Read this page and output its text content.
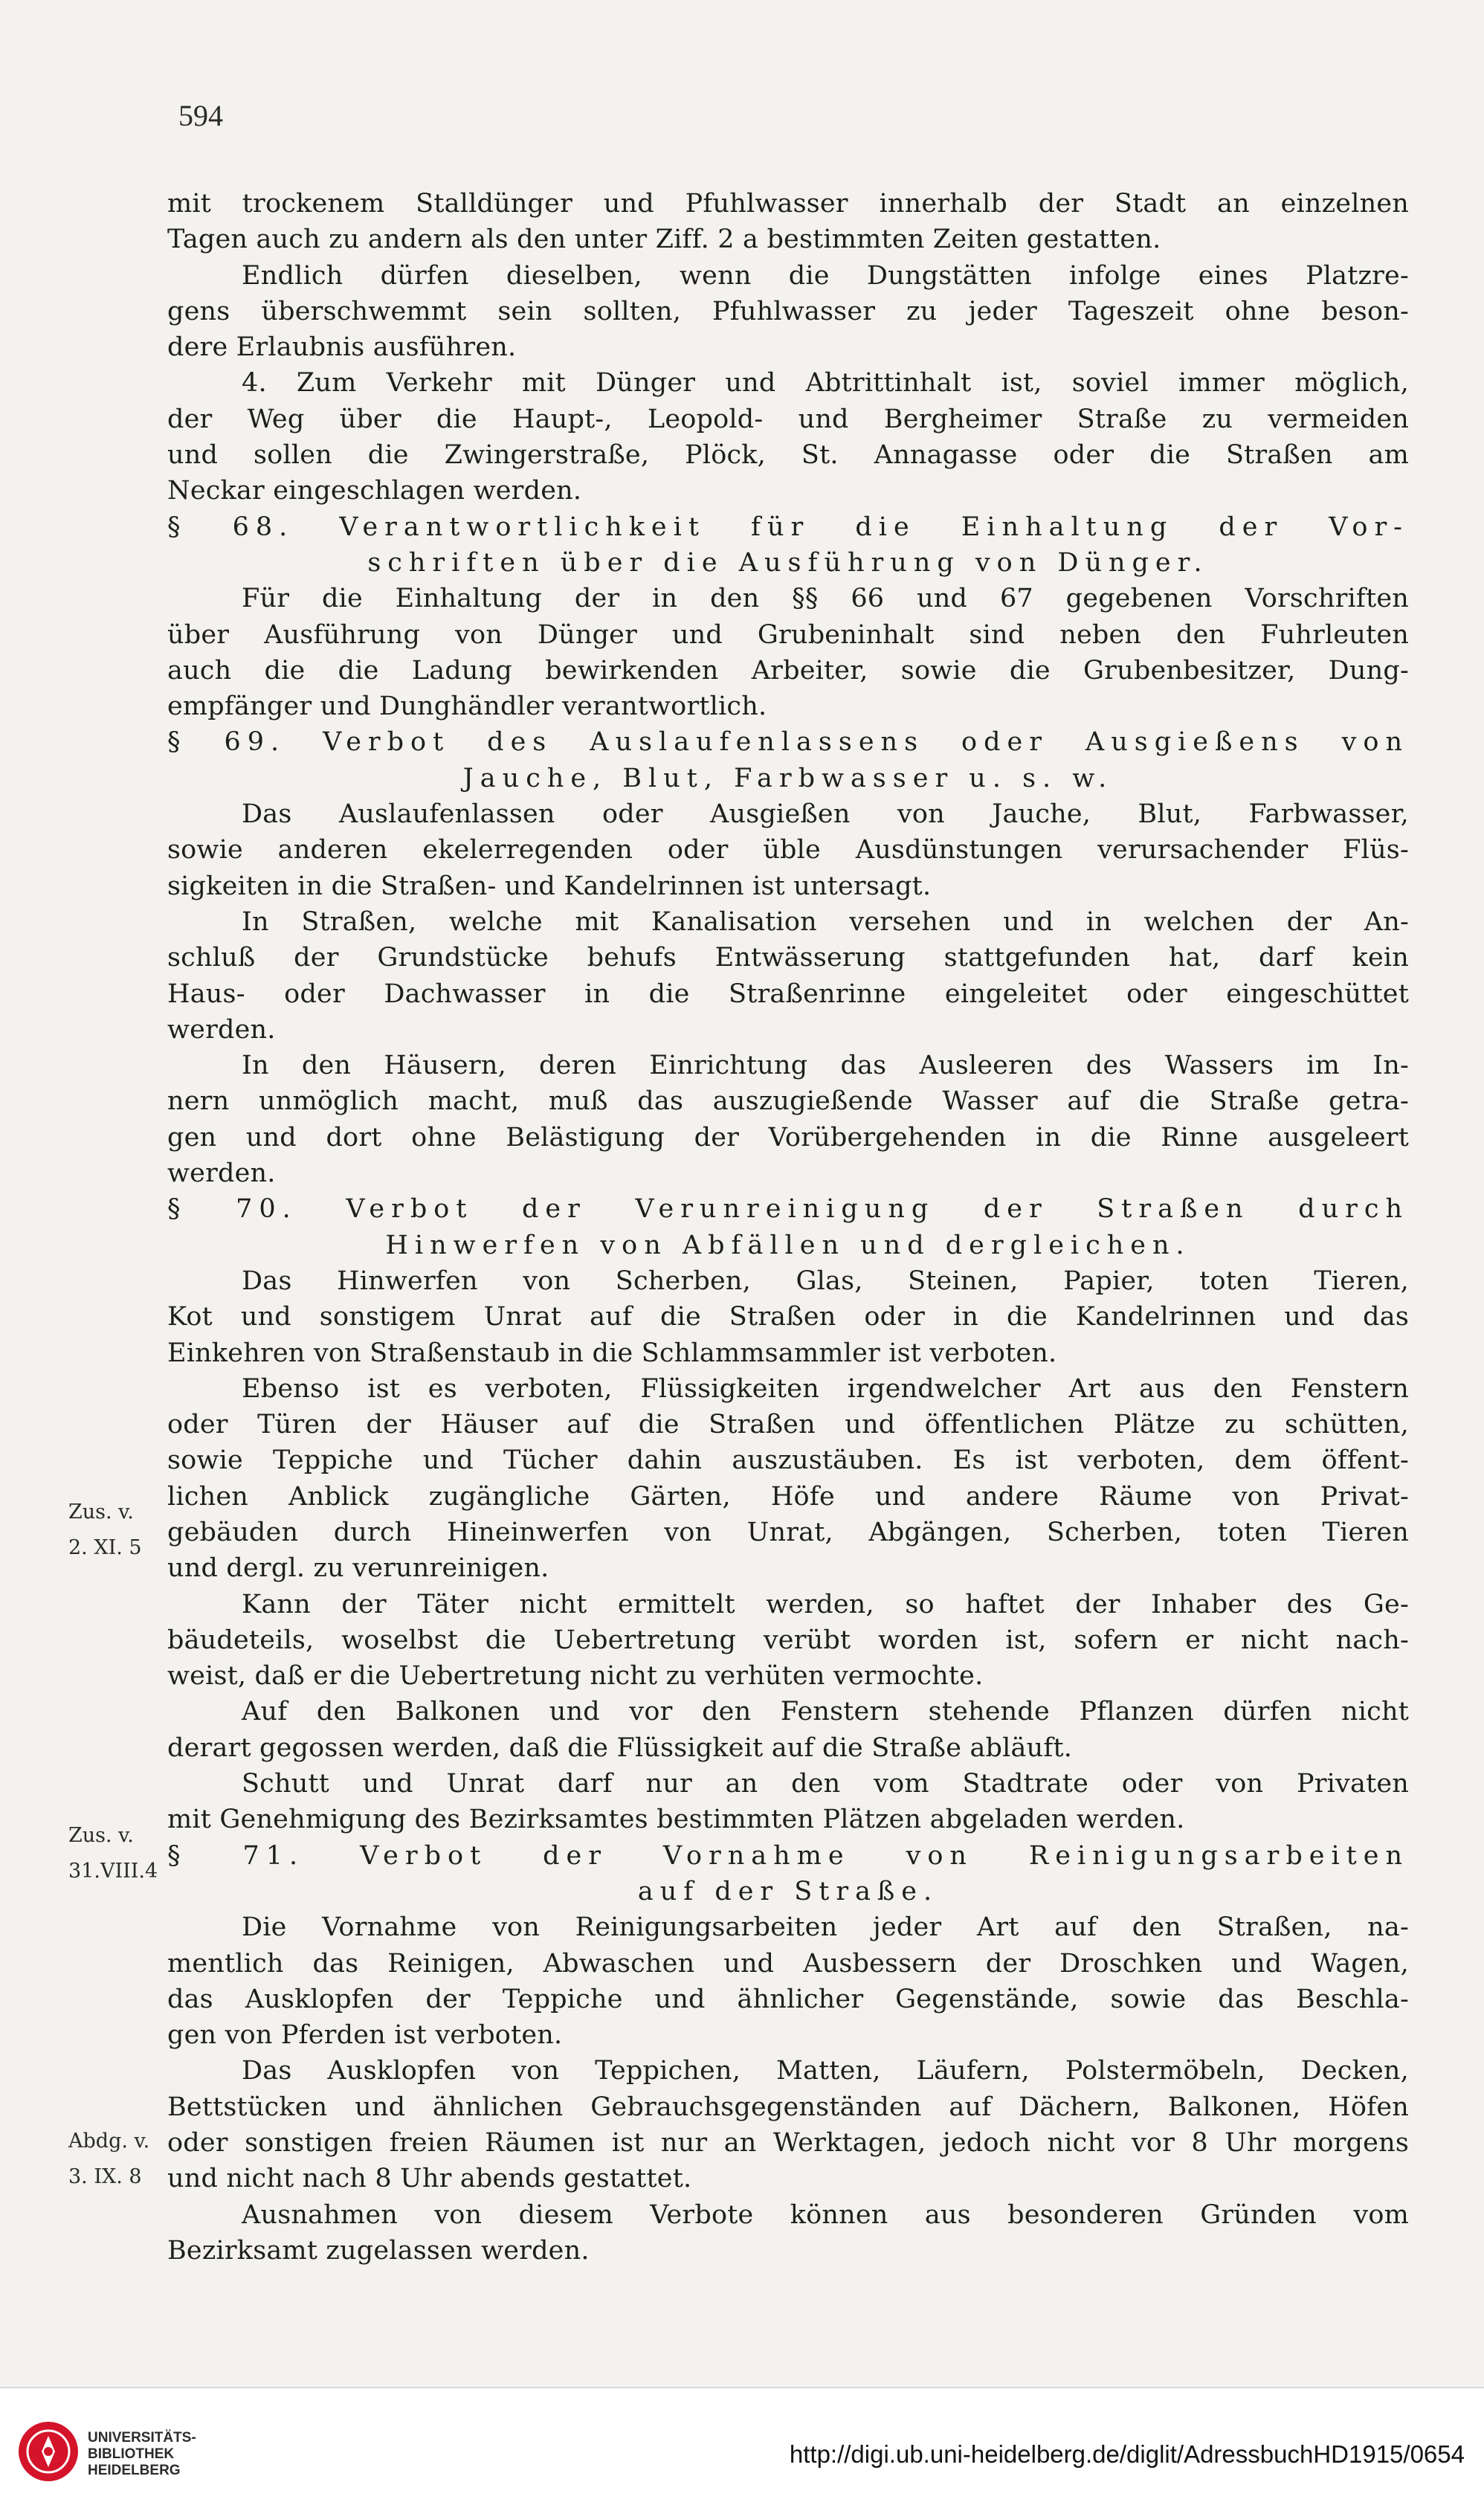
594
mit trockenem Stalldünger und Pfuhlwasser innerhalb der Stadt an einzelnen
Tagen auch zu andern als den unter Ziff. 2 a bestimmten Zeiten gestatten.
Endlich dürfen dieselben, wenn die Dungstätten infolge eines Platzre-
gens überschwemmt sein sollten, Pfuhlwasser zu jeder Tageszeit ohne beson-
dere Erlaubnis ausführen.
4. Zum Verkehr mit Dünger und Abtrittinhalt ist, soviel immer möglich,
der Weg über die Haupt-, Leopold- und Bergheimer Straße zu vermeiden
und sollen die Zwingerstraße, Plöck, St. Annagasse oder die Straßen am
Neckar eingeschlagen werden.
§ 68. Verantwortlichkeit für die Einhaltung der Vor-
schriften über die Ausführung von Dünger.
Für die Einhaltung der in den §§ 66 und 67 gegebenen Vorschriften
über Ausführung von Dünger und Grubeninhalt sind neben den Fuhrleuten
auch die die Ladung bewirkenden Arbeiter, sowie die Grubenbesitzer, Dung-
empfänger und Dunghändler verantwortlich.
§ 69. Verbot des Auslaufenlassens oder Ausgießens von
Jauche, Blut, Farbwasser u. s. w.
Das Auslaufenlassen oder Ausgießen von Jauche, Blut, Farbwasser,
sowie anderen ekelerregenden oder üble Ausdünstungen verursachender Flüs-
sigkeiten in die Straßen- und Kandelrinnen ist untersagt.
In Straßen, welche mit Kanalisation versehen und in welchen der An-
schluß der Grundstücke behufs Entwässerung stattgefunden hat, darf kein
Haus- oder Dachwasser in die Straßenrinne eingeleitet oder eingeschüttet
werden.
In den Häusern, deren Einrichtung das Ausleeren des Wassers im In-
nern unmöglich macht, muß das auszugießende Wasser auf die Straße getra-
gen und dort ohne Belästigung der Vorübergehenden in die Rinne ausgeleert
werden.
§ 70. Verbot der Verunreinigung der Straßen durch
Hinwerfen von Abfällen und dergleichen.
Das Hinwerfen von Scherben, Glas, Steinen, Papier, toten Tieren,
Kot und sonstigem Unrat auf die Straßen oder in die Kandelrinnen und das
Einkehren von Straßenstaub in die Schlammsammler ist verboten.
Ebenso ist es verboten, Flüssigkeiten irgendwelcher Art aus den Fenstern
oder Türen der Häuser auf die Straßen und öffentlichen Plätze zu schütten,
sowie Teppiche und Tücher dahin auszustäuben. Es ist verboten, dem öffent-
lichen Anblick zugängliche Gärten, Höfe und andere Räume von Privat-
gebäuden durch Hineinwerfen von Unrat, Abgängen, Scherben, toten Tieren
und dergl. zu verunreinigen.
Kann der Täter nicht ermittelt werden, so haftet der Inhaber des Ge-
bäudeteils, woselbst die Uebertretung verübt worden ist, sofern er nicht nach-
weist, daß er die Uebertretung nicht zu verhüten vermochte.
Auf den Balkonen und vor den Fenstern stehende Pflanzen dürfen nicht
derart gegossen werden, daß die Flüssigkeit auf die Straße abläuft.
Schutt und Unrat darf nur an den vom Stadtrate oder von Privaten
mit Genehmigung des Bezirksamtes bestimmten Plätzen abgeladen werden.
§ 71. Verbot der Vornahme von Reinigungsarbeiten
auf der Straße.
Die Vornahme von Reinigungsarbeiten jeder Art auf den Straßen, na-
mentlich das Reinigen, Abwaschen und Ausbessern der Droschken und Wagen,
das Ausklopfen der Teppiche und ähnlicher Gegenstände, sowie das Beschla-
gen von Pferden ist verboten.
Das Ausklopfen von Teppichen, Matten, Läufern, Polstermöbeln, Decken,
Bettstücken und ähnlichen Gebrauchsgegenständen auf Dächern, Balkonen, Höfen
oder sonstigen freien Räumen ist nur an Werktagen, jedoch nicht vor 8 Uhr morgens
und nicht nach 8 Uhr abends gestattet.
Ausnahmen von diesem Verbote können aus besonderen Gründen vom
Bezirksamt zugelassen werden.
Zus. v.
2. XI. 5
Zus. v.
31.VIII.4
Abdg. v.
3. IX. 8
UNIVERSITÄTS-
BIBLIOTHEK
HEIDELBERG
http://digi.ub.uni-heidelberg.de/diglit/AdressbuchHD1915/0654
